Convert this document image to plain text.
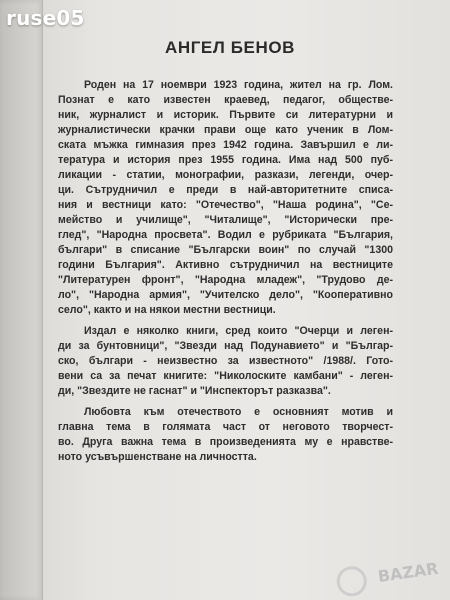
ruse05
АНГЕЛ БЕНОВ
Роден на 17 ноември 1923 година, жител на гр. Лом.
Познат е като известен краевед, педагог, обществе-
ник, журналист и историк. Първите си литературни и
журналистически крачки прави още като ученик в Лом-
ската мъжка гимназия през 1942 година. Завършил е ли-
тература и история през 1955 година. Има над 500 пуб-
ликации - статии, монографии, разкази, легенди, очер-
ци. Сътрудничил е преди в най-авторитетните списа-
ния и вестници като: "Отечество", "Наша родина", "Се-
мейство и училище", "Читалище", "Исторически пре-
глед", "Народна просвета". Водил е рубриката "България,
българи" в списание "Български воин" по случай "1300
години България". Активно сътрудничил на вестниците
"Литературен фронт", "Народна младеж", "Трудово де-
ло", "Народна армия", "Учителско дело", "Кооперативно
село", както и на някои местни вестници.
Издал е няколко книги, сред които "Очерци и леген-
ди за бунтовници", "Звезди над Подунавието" и "Българ-
ско, българи - неизвестно за известното" /1988/. Гото-
вени са за печат книгите: "Николоските камбани" - леген-
ди, "Звездите не гаснат" и "Инспекторът разказва".
Любовта към отечеството е основният мотив и
главна тема в голямата част от неговото творчест-
во. Друга важна тема в произведенията му е нравстве-
ното усъвършенстване на личността.
BAZAR
